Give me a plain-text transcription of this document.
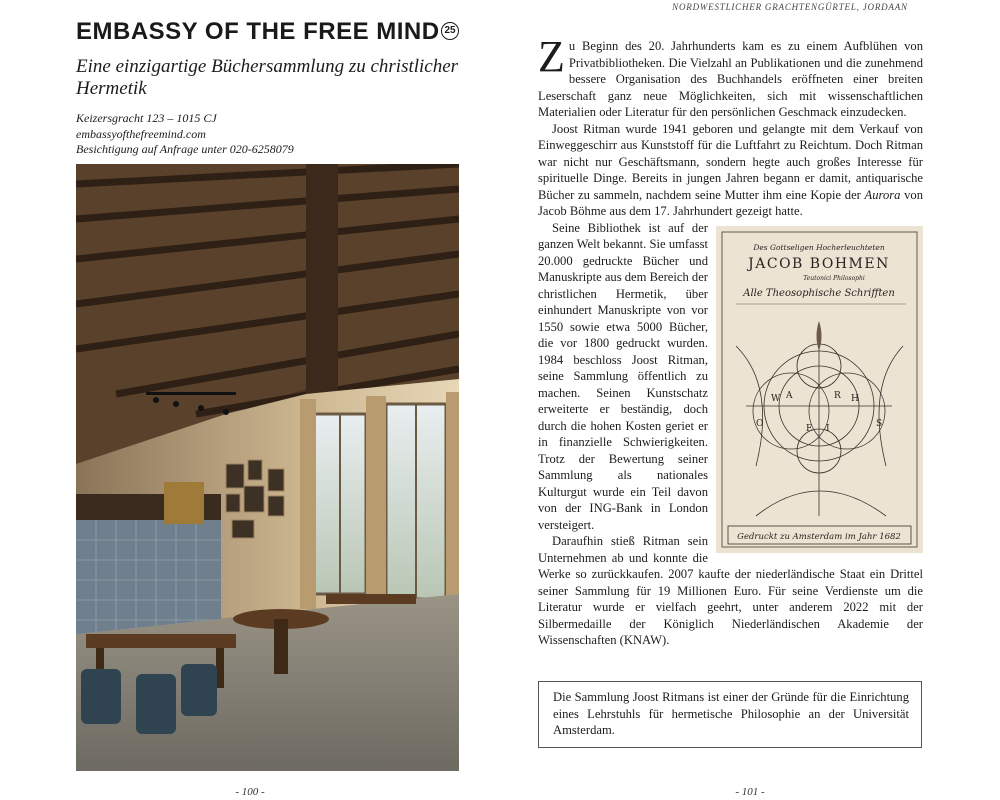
EMBASSY OF THE FREE MIND 25
Eine einzigartige Büchersammlung zu christlicher Hermetik
Keizersgracht 123 – 1015 CJ
embassyofthefreemind.com
Besichtigung auf Anfrage unter 020-6258079
- 100 -
NORDWESTLICHER GRACHTENGÜRTEL, JORDAAN

Zu Beginn des 20. Jahrhunderts kam es zu einem Aufblühen von Privatbibliotheken. Die Vielzahl an Publikationen und die zunehmend bessere Organisation des Buchhandels eröffneten einer breiten Leserschaft ganz neue Möglichkeiten, sich mit wissenschaftlichen Materialien oder Literatur für den persönlichen Geschmack einzudecken.

Joost Ritman wurde 1941 geboren und gelangte mit dem Verkauf von Einweggeschirr aus Kunststoff für die Luftfahrt zu Reichtum. Doch Ritman war nicht nur Geschäftsmann, sondern hegte auch großes Interesse für spirituelle Dinge. Bereits in jungen Jahren begann er damit, antiquarische Bücher zu sammeln, nachdem seine Mutter ihm eine Kopie der Aurora von Jacob Böhme aus dem 17. Jahrhundert gezeigt hatte.

Des Gottseligen Hocherleuchteten
JACOB BOHMEN
Teutonici Philosophi
Alle Theosophische Schrifften
W A	R H
E I
O	S
Gedruckt zu Amsterdam im Jahr 1682

Seine Bibliothek ist auf der ganzen Welt bekannt. Sie umfasst 20.000 gedruckte Bücher und Manuskripte aus dem Bereich der christlichen Hermetik, über einhundert Manuskripte von vor 1550 sowie etwa 5000 Bücher, die vor 1800 gedruckt wurden. 1984 beschloss Joost Ritman, seine Sammlung öffentlich zu machen. Seinen Kunstschatz erweiterte er beständig, doch durch die hohen Kosten geriet er in finanzielle Schwierigkeiten. Trotz der Bewertung seiner Sammlung als nationales Kulturgut wurde ein Teil davon von der ING-Bank in London versteigert.

Daraufhin stieß Ritman sein Unternehmen ab und konnte die Werke so zurückkaufen. 2007 kaufte der niederländische Staat ein Drittel seiner Sammlung für 19 Millionen Euro. Für seine Verdienste um die Literatur wurde er vielfach geehrt, unter anderem 2022 mit der Silbermedaille der Königlich Niederländischen Akademie der Wissenschaften (KNAW).

Die Sammlung Joost Ritmans ist einer der Gründe für die Einrichtung eines Lehrstuhls für hermetische Philosophie an der Universität Amsterdam.
- 101 -
